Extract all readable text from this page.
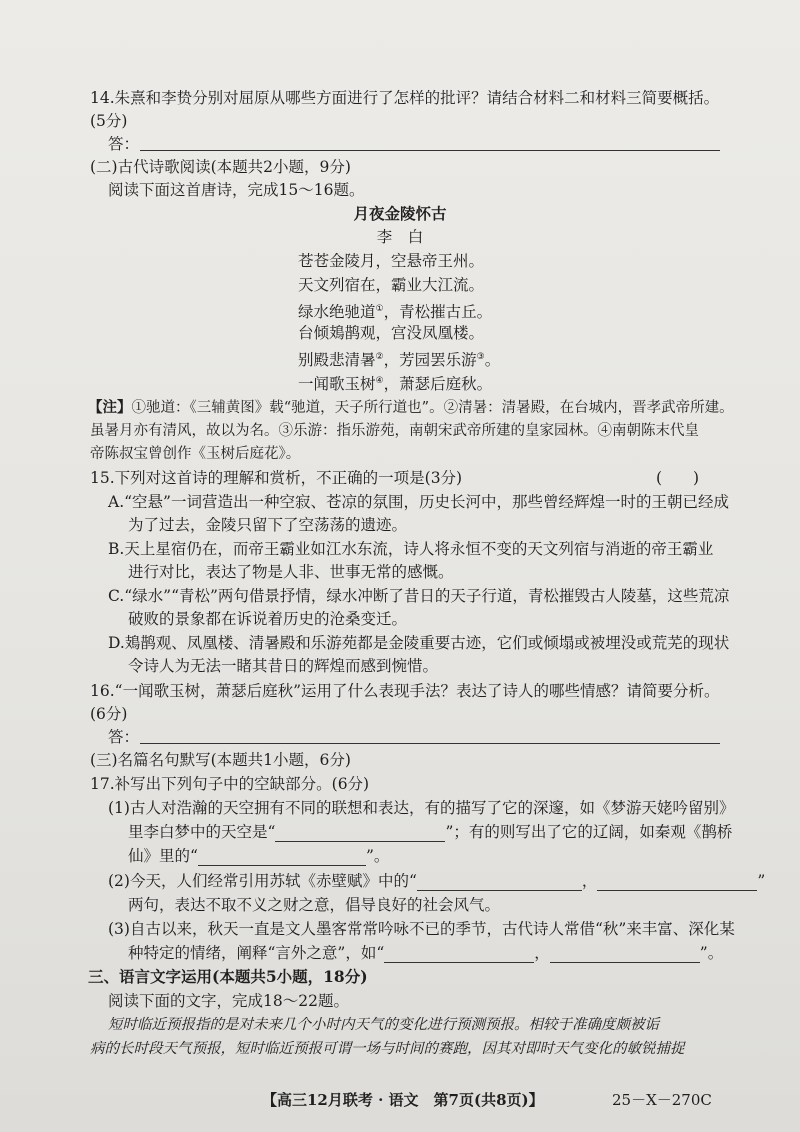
14.朱熹和李贽分别对屈原从哪些方面进行了怎样的批评？请结合材料二和材料三简要概括。
(5分)
答：
(二)古代诗歌阅读(本题共2小题，9分)
阅读下面这首唐诗，完成15～16题。
月夜金陵怀古
李　白
苍苍金陵月，空悬帝王州。
天文列宿在，霸业大江流。
绿水绝驰道①，青松摧古丘。
台倾鳷鹊观，宫没凤凰楼。
别殿悲清暑②，芳园罢乐游③。
一闻歌玉树④，萧瑟后庭秋。
【注】①驰道：《三辅黄图》载“驰道，天子所行道也”。②清暑：清暑殿，在台城内，晋孝武帝所建。
虽暑月亦有清风，故以为名。③乐游：指乐游苑，南朝宋武帝所建的皇家园林。④南朝陈末代皇
帝陈叔宝曾创作《玉树后庭花》。
15.下列对这首诗的理解和赏析，不正确的一项是(3分)	(　　)
A.“空悬”一词营造出一种空寂、苍凉的氛围，历史长河中，那些曾经辉煌一时的王朝已经成
为了过去，金陵只留下了空荡荡的遗迹。
B.天上星宿仍在，而帝王霸业如江水东流，诗人将永恒不变的天文列宿与消逝的帝王霸业
进行对比，表达了物是人非、世事无常的感慨。
C.“绿水”“青松”两句借景抒情，绿水冲断了昔日的天子行道，青松摧毁古人陵墓，这些荒凉
破败的景象都在诉说着历史的沧桑变迁。
D.鳷鹊观、凤凰楼、清暑殿和乐游苑都是金陵重要古迹，它们或倾塌或被埋没或荒芜的现状
令诗人为无法一睹其昔日的辉煌而感到惋惜。
16.“一闻歌玉树，萧瑟后庭秋”运用了什么表现手法？表达了诗人的哪些情感？请简要分析。
(6分)
答：
(三)名篇名句默写(本题共1小题，6分)
17.补写出下列句子中的空缺部分。(6分)
(1)古人对浩瀚的天空拥有不同的联想和表达，有的描写了它的深邃，如《梦游天姥吟留别》
里李白梦中的天空是“	”；有的则写出了它的辽阔，如秦观《鹊桥
仙》里的“	”。
(2)今天，人们经常引用苏轼《赤壁赋》中的“	，	”
两句，表达不取不义之财之意，倡导良好的社会风气。
(3)自古以来，秋天一直是文人墨客常常吟咏不已的季节，古代诗人常借“秋”来丰富、深化某
种特定的情绪，阐释“言外之意”，如“	，	”。
三、语言文字运用(本题共5小题，18分)
阅读下面的文字，完成18～22题。
短时临近预报指的是对未来几个小时内天气的变化进行预测预报。相较于准确度颇被诟
病的长时段天气预报，短时临近预报可谓一场与时间的赛跑，因其对即时天气变化的敏锐捕捉
【高三12月联考 · 语文　第7页(共8页)】	25－X－270C
